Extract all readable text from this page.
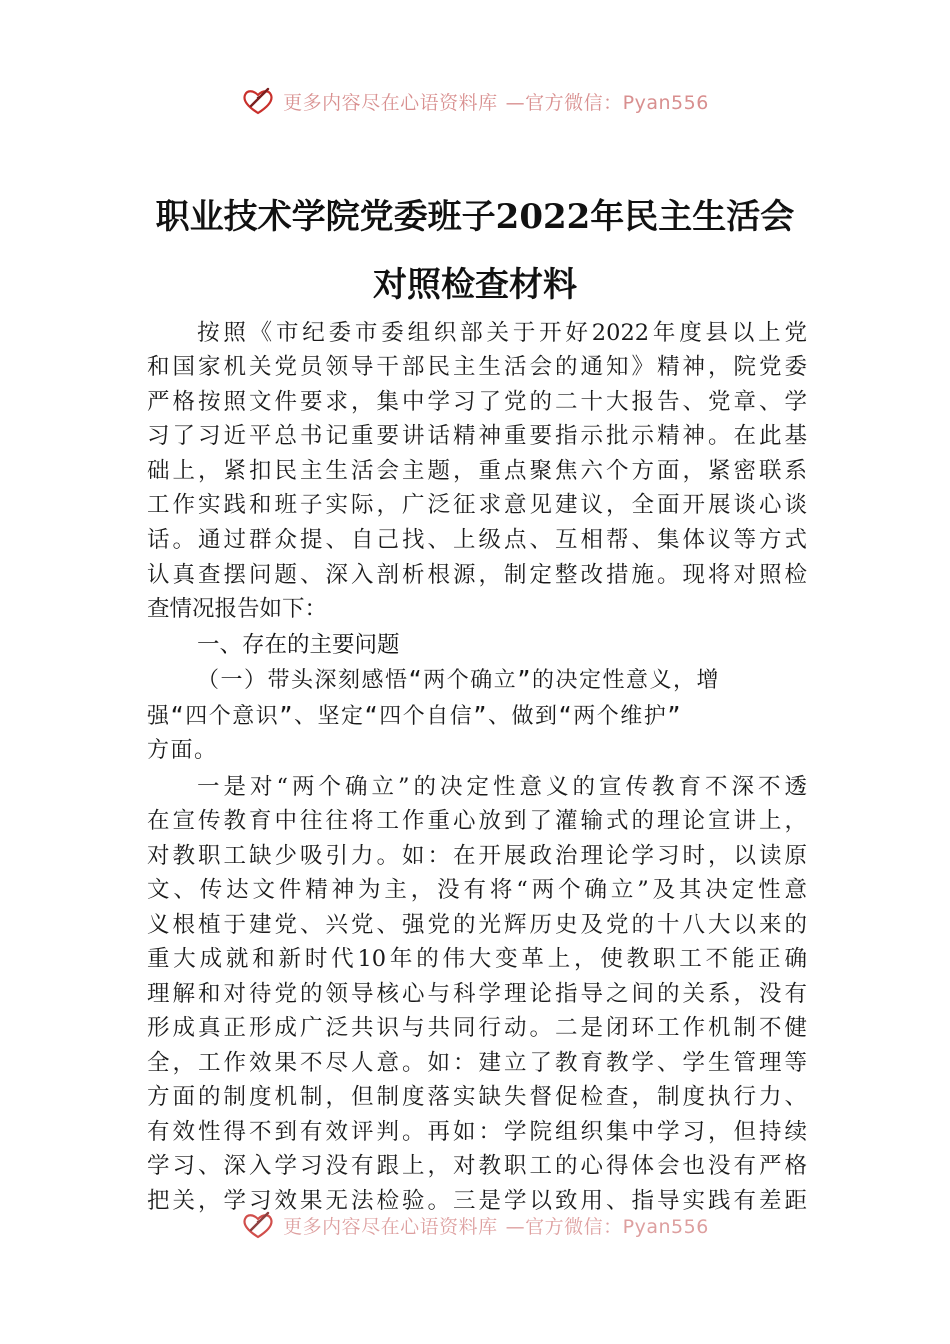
更多内容尽在心语资料库 —官方微信：Pyan556
职业技术学院党委班子2022年民主生活会
对照检查材料
按照《市纪委市委组织部关于开好2022年度县以上党
和国家机关党员领导干部民主生活会的通知》精神，院党委
严格按照文件要求，集中学习了党的二十大报告、党章、学
习了习近平总书记重要讲话精神重要指示批示精神。在此基
础上，紧扣民主生活会主题，重点聚焦六个方面，紧密联系
工作实践和班子实际，广泛征求意见建议，全面开展谈心谈
话。通过群众提、自己找、上级点、互相帮、集体议等方式
认真查摆问题、深入剖析根源，制定整改措施。现将对照检
查情况报告如下：
一、存在的主要问题
（一）带头深刻感悟“两个确立”的决定性意义，增
强“四个意识”、坚定“四个自信”、做到“两个维护”
方面。
一是对“两个确立”的决定性意义的宣传教育不深不透
在宣传教育中往往将工作重心放到了灌输式的理论宣讲上，
对教职工缺少吸引力。如：在开展政治理论学习时，以读原
文、传达文件精神为主，没有将“两个确立”及其决定性意
义根植于建党、兴党、强党的光辉历史及党的十八大以来的
重大成就和新时代10年的伟大变革上，使教职工不能正确
理解和对待党的领导核心与科学理论指导之间的关系，没有
形成真正形成广泛共识与共同行动。二是闭环工作机制不健
全，工作效果不尽人意。如：建立了教育教学、学生管理等
方面的制度机制，但制度落实缺失督促检查，制度执行力、
有效性得不到有效评判。再如：学院组织集中学习，但持续
学习、深入学习没有跟上，对教职工的心得体会也没有严格
把关，学习效果无法检验。三是学以致用、指导实践有差距
更多内容尽在心语资料库 —官方微信：Pyan556
